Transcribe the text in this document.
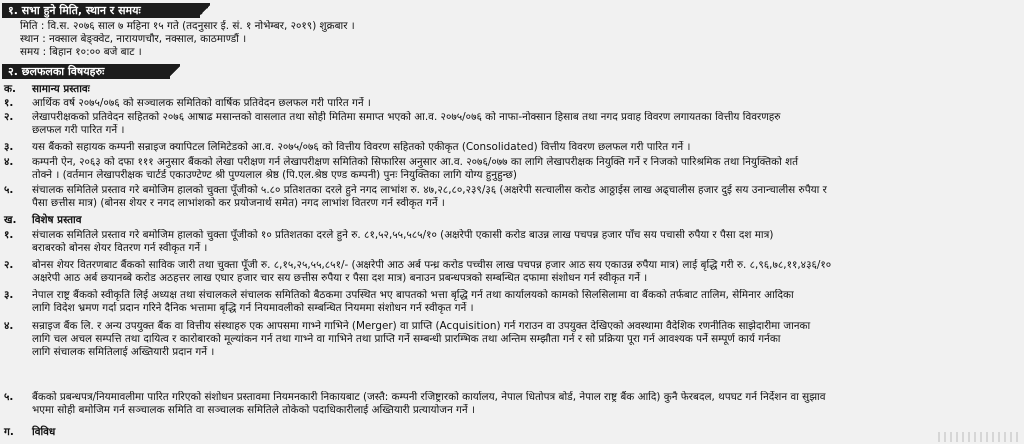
१. सभा हुने मिति, स्थान र समयः
मिति : वि.स. २०७६ साल ७ महिना १५ गते (तदनुसार ई. सं. १ नोभेम्बर, २०१९) शुक्रबार ।
स्थान : नक्साल बेङ्क्वेट, नारायणचौर, नक्साल, काठमाण्डौं ।
समय : बिहान १०:०० बजे बाट ।
२. छलफलका विषयहरुः
क. सामान्य प्रस्तावः
१. आर्थिक वर्ष २०७५/०७६ को सञ्चालक समितिको वार्षिक प्रतिवेदन छलफल गरी पारित गर्ने ।
२. लेखापरीक्षकको प्रतिवेदन सहितको २०७६ आषाढ मसान्तको वासलात तथा सोही मितिमा समाप्त भएको आ.व. २०७५/०७६ को नाफा-नोक्सान हिसाब तथा नगद प्रवाह विवरण लगायतका वित्तीय विवरणहरु
छलफल गरी पारित गर्ने ।
३. यस बैंकको सहायक कम्पनी सन्राइज क्यापिटल लिमिटेडको आ.व. २०७५/०७६ को वित्तीय विवरण सहितको एकीकृत (Consolidated) वित्तीय विवरण छलफल गरी पारित गर्ने ।
४. कम्पनी ऐन, २०६३ को दफा १११ अनुसार बैंकको लेखा परीक्षण गर्न लेखापरीक्षण समितिको सिफारिस अनुसार आ.व. २०७६/०७७ का लागि लेखापरीक्षक नियुक्ति गर्ने र निजको पारिश्रमिक तथा नियुक्तिको शर्त
तोक्ने । (वर्तमान लेखापरीक्षक चार्टर्ड एकाउण्टेण्ट श्री पुण्यलाल श्रेष्ठ (पि.एल.श्रेष्ठ एण्ड कम्पनी) पुनः नियुक्तिका लागि योग्य हुनुहुन्छ)
५. संचालक समितिले प्रस्ताव गरे बमोजिम हालको चुक्ता पूँजीको ५.८० प्रतिशतका दरले हुने नगद लाभांश रु. ४७,२८,८०,२३९/३६ (अक्षरेपी सत्चालीस करोड आठ्ठाईस लाख अढ्चालीस हजार दुई सय उनान्चालीस रुपैया र
पैसा छत्तीस मात्र) (बोनस शेयर र नगद लाभांशको कर प्रयोजनार्थ समेत) नगद लाभांश वितरण गर्न स्वीकृत गर्ने ।
ख. विशेष प्रस्ताव
१. संचालक समितिले प्रस्ताव गरे बमोजिम हालको चुक्ता पूँजीको १० प्रतिशतका दरले हुने रु. ८१,५२,५५,५८५/१० (अक्षरेपी एकासी करोड बाउन्न लाख पचपन्न हजार पाँच सय पचासी रुपैया र पैसा दश मात्र)
बराबरको बोनस शेयर वितरण गर्न स्वीकृत गर्ने ।
२. बोनस शेयर वितरणबाट बैंकको साविक जारी तथा चुक्ता पूँजी रु. ८,१५,२५,५५,८५१/- (अक्षरेपी आठ अर्ब पन्ध्र करोड पच्चीस लाख पचपन्न हजार आठ सय एकाउन्न रुपैया मात्र) लाई बृद्धि गरी रु. ८,९६,७८,११,४३६/१०
अक्षरेपी आठ अर्ब छयानब्बे करोड अठहत्तर लाख एघार हजार चार सय छत्तीस रुपैया र पैसा दश मात्र) बनाउन प्रबन्धपत्रको सम्बन्धित दफामा संशोधन गर्न स्वीकृत गर्ने ।
३. नेपाल राष्ट्र बैंकको स्वीकृति लिई अध्यक्ष तथा संचालकले संचालक समितिको बैठकमा उपस्थित भए बापतको भत्ता बृद्धि गर्न तथा कार्यालयको कामको सिलसिलामा वा बैंकको तर्फबाट तालिम, सेमिनार आदिका
लागि विदेश भ्रमण गर्दा प्रदान गरिने दैनिक भत्तामा बृद्धि गर्न नियमावलीको सम्बन्धित नियममा संशोधन गर्न स्वीकृत गर्ने ।
४. सन्राइज बैंक लि. र अन्य उपयुक्त बैंक वा वित्तीय संस्थाहरु एक आपसमा गाभ्ने गाभिने (Merger) वा प्राप्ति (Acquisition) गर्न गराउन वा उपयुक्त देखिएको अवस्थामा वैदेशिक रणनीतिक साझेदारीमा जानका
लागि चल अचल सम्पत्ति तथा दायित्व र कारोबारको मूल्यांकन गर्न तथा गाभ्ने वा गाभिने तथा प्राप्ति गर्ने सम्बन्धी प्रारम्भिक तथा अन्तिम सम्झौता गर्न र सो प्रक्रिया पूरा गर्न आवश्यक पर्ने सम्पूर्ण कार्य गर्नका
लागि संचालक समितिलाई अख्तियारी प्रदान गर्ने ।
५. बैंकको प्रबन्धपत्र/नियमावलीमा पारित गरिएको संशोधन प्रस्तावमा नियमनकारी निकायबाट (जस्तै: कम्पनी रजिष्ट्रारको कार्यालय, नेपाल धितोपत्र बोर्ड, नेपाल राष्ट्र बैंक आदि) कुनै फेरबदल, थपघट गर्न निर्देशन वा सुझाव
भएमा सोही बमोजिम गर्न सञ्चालक समिति वा सञ्चालक समितिले तोकेको पदाधिकारीलाई अख्तियारी प्रत्यायोजन गर्ने ।
ग. विविध
